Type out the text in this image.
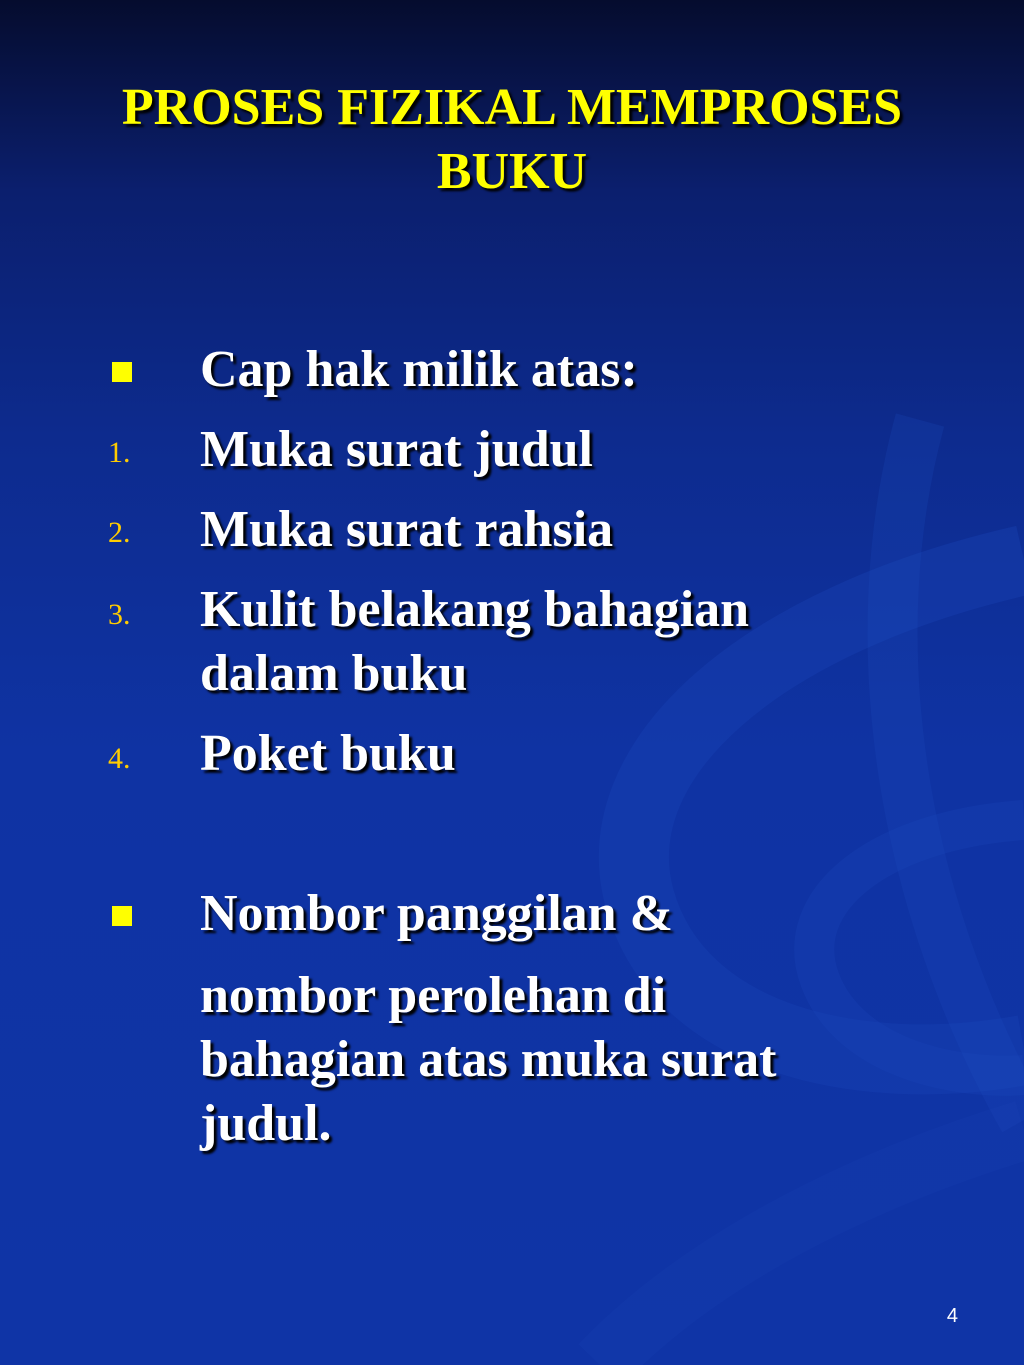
PROSES FIZIKAL MEMPROSES
BUKU

Cap hak milik atas:

1. Muka surat judul

2. Muka surat rahsia

3. Kulit belakang bahagian
dalam buku

4. Poket buku

Nombor panggilan &

nombor perolehan di
bahagian atas muka surat
judul.

4
